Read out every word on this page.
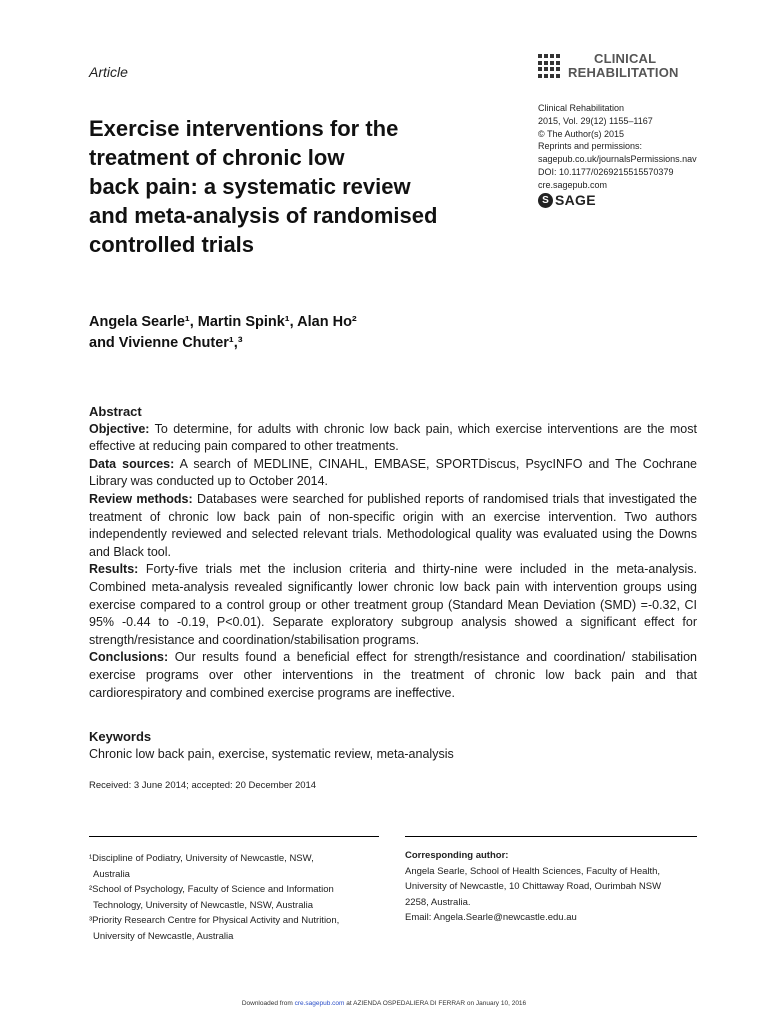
Article
CLINICAL
REHABILITATION
Clinical Rehabilitation
2015, Vol. 29(12) 1155–1167
© The Author(s) 2015
Reprints and permissions:
sagepub.co.uk/journalsPermissions.nav
DOI: 10.1177/0269215515570379
cre.sagepub.com
S SAGE
Exercise interventions for the
treatment of chronic low
back pain: a systematic review
and meta-analysis of randomised
controlled trials
Angela Searle¹, Martin Spink¹, Alan Ho²
and Vivienne Chuter¹,³
Abstract

Objective: To determine, for adults with chronic low back pain, which exercise interventions are the most effective at reducing pain compared to other treatments.

Data sources: A search of MEDLINE, CINAHL, EMBASE, SPORTDiscus, PsycINFO and The Cochrane Library was conducted up to October 2014.

Review methods: Databases were searched for published reports of randomised trials that investigated the treatment of chronic low back pain of non-specific origin with an exercise intervention. Two authors independently reviewed and selected relevant trials. Methodological quality was evaluated using the Downs and Black tool.

Results: Forty-five trials met the inclusion criteria and thirty-nine were included in the meta-analysis. Combined meta-analysis revealed significantly lower chronic low back pain with intervention groups using exercise compared to a control group or other treatment group (Standard Mean Deviation (SMD) =-0.32, CI 95% -0.44 to -0.19, P<0.01). Separate exploratory subgroup analysis showed a significant effect for strength/resistance and coordination/stabilisation programs.

Conclusions: Our results found a beneficial effect for strength/resistance and coordination/ stabilisation exercise programs over other interventions in the treatment of chronic low back pain and that cardiorespiratory and combined exercise programs are ineffective.

Keywords
Chronic low back pain, exercise, systematic review, meta-analysis
Received: 3 June 2014; accepted: 20 December 2014
¹Discipline of Podiatry, University of Newcastle, NSW,
Australia
²School of Psychology, Faculty of Science and Information
Technology, University of Newcastle, NSW, Australia
³Priority Research Centre for Physical Activity and Nutrition,
University of Newcastle, Australia
Corresponding author:
Angela Searle, School of Health Sciences, Faculty of Health,
University of Newcastle, 10 Chittaway Road, Ourimbah NSW
2258, Australia.
Email: Angela.Searle@newcastle.edu.au
Downloaded from cre.sagepub.com at AZIENDA OSPEDALIERA DI FERRAR on January 10, 2016
